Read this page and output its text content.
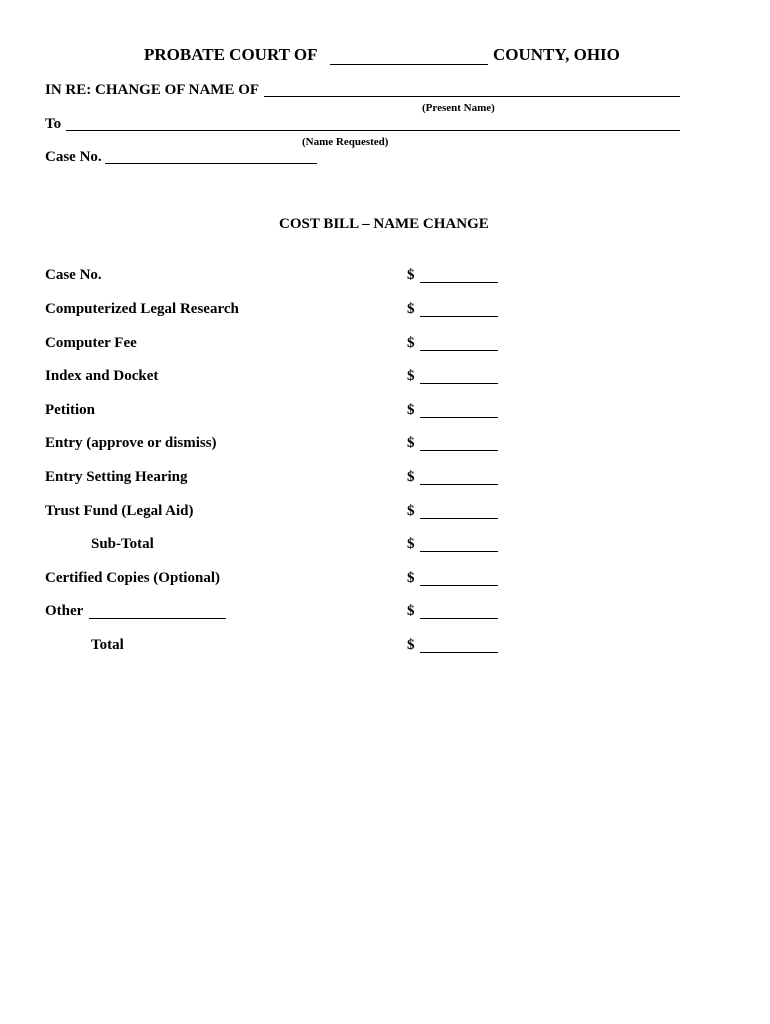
PROBATE COURT OF	COUNTY, OHIO
IN RE: CHANGE OF NAME OF
(Present Name)
To
(Name Requested)
Case No.
COST BILL – NAME CHANGE
Case No.	$
Computerized Legal Research	$
Computer Fee	$
Index and Docket	$
Petition	$
Entry (approve or dismiss)	$
Entry Setting Hearing	$
Trust Fund (Legal Aid)	$
Sub-Total	$
Certified Copies (Optional)	$
Other	$
Total	$
